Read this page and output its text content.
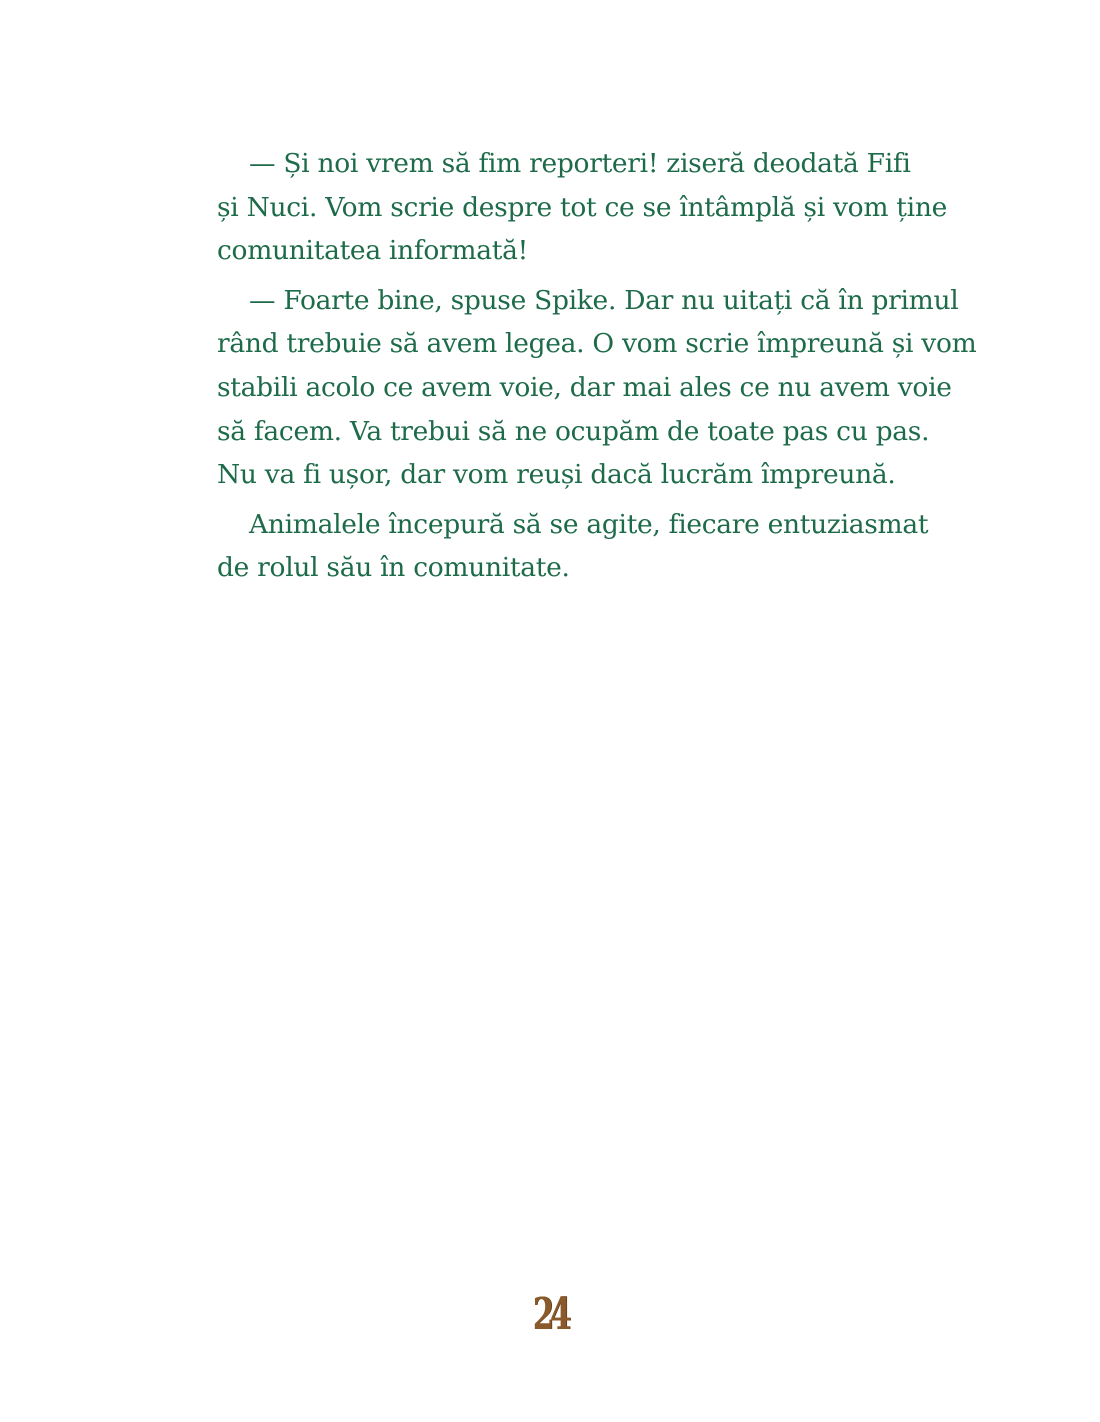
— Și noi vrem să fim reporteri! ziseră deodată Fifi
și Nuci. Vom scrie despre tot ce se întâmplă și vom ține
comunitatea informată!
— Foarte bine, spuse Spike. Dar nu uitați că în primul
rând trebuie să avem legea. O vom scrie împreună și vom
stabili acolo ce avem voie, dar mai ales ce nu avem voie
să facem. Va trebui să ne ocupăm de toate pas cu pas.
Nu va fi ușor, dar vom reuși dacă lucrăm împreună.
Animalele începură să se agite, fiecare entuziasmat
de rolul său în comunitate.
24
